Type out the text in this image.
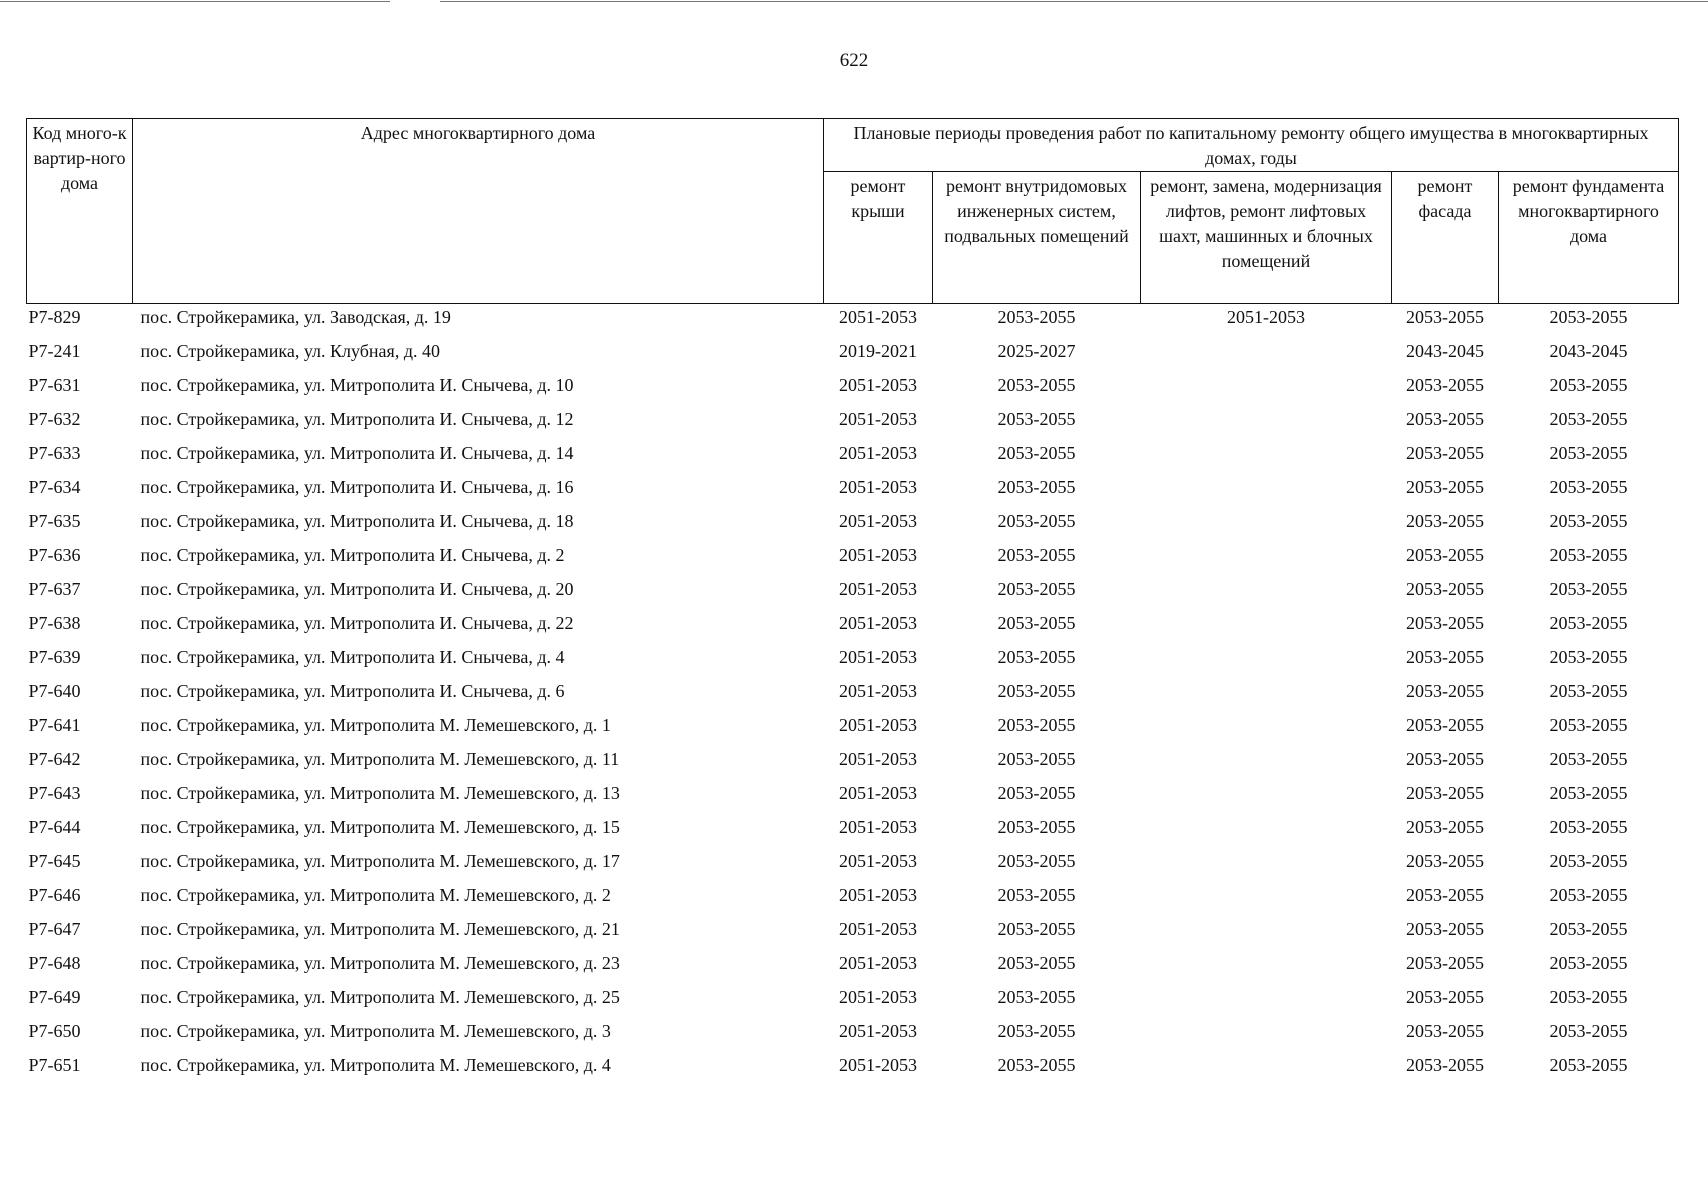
622
Код много-квартир-ного дома	Адрес многоквартирного дома	Плановые периоды проведения работ по капитальному ремонту общего имущества в многоквартирных домах, годы				
		ремонт крыши	ремонт внутридомовых инженерных систем, подвальных помещений	ремонт, замена, модернизация лифтов, ремонт лифтовых шахт, машинных и блочных помещений	ремонт фасада	ремонт фундамента многоквартирного дома
Р7-829	пос. Стройкерамика, ул. Заводская, д. 19	2051-2053	2053-2055	2051-2053	2053-2055	2053-2055
Р7-241	пос. Стройкерамика, ул. Клубная, д. 40	2019-2021	2025-2027		2043-2045	2043-2045
Р7-631	пос. Стройкерамика, ул. Митрополита И. Снычева, д. 10	2051-2053	2053-2055		2053-2055	2053-2055
Р7-632	пос. Стройкерамика, ул. Митрополита И. Снычева, д. 12	2051-2053	2053-2055		2053-2055	2053-2055
Р7-633	пос. Стройкерамика, ул. Митрополита И. Снычева, д. 14	2051-2053	2053-2055		2053-2055	2053-2055
Р7-634	пос. Стройкерамика, ул. Митрополита И. Снычева, д. 16	2051-2053	2053-2055		2053-2055	2053-2055
Р7-635	пос. Стройкерамика, ул. Митрополита И. Снычева, д. 18	2051-2053	2053-2055		2053-2055	2053-2055
Р7-636	пос. Стройкерамика, ул. Митрополита И. Снычева, д. 2	2051-2053	2053-2055		2053-2055	2053-2055
Р7-637	пос. Стройкерамика, ул. Митрополита И. Снычева, д. 20	2051-2053	2053-2055		2053-2055	2053-2055
Р7-638	пос. Стройкерамика, ул. Митрополита И. Снычева, д. 22	2051-2053	2053-2055		2053-2055	2053-2055
Р7-639	пос. Стройкерамика, ул. Митрополита И. Снычева, д. 4	2051-2053	2053-2055		2053-2055	2053-2055
Р7-640	пос. Стройкерамика, ул. Митрополита И. Снычева, д. 6	2051-2053	2053-2055		2053-2055	2053-2055
Р7-641	пос. Стройкерамика, ул. Митрополита М. Лемешевского, д. 1	2051-2053	2053-2055		2053-2055	2053-2055
Р7-642	пос. Стройкерамика, ул. Митрополита М. Лемешевского, д. 11	2051-2053	2053-2055		2053-2055	2053-2055
Р7-643	пос. Стройкерамика, ул. Митрополита М. Лемешевского, д. 13	2051-2053	2053-2055		2053-2055	2053-2055
Р7-644	пос. Стройкерамика, ул. Митрополита М. Лемешевского, д. 15	2051-2053	2053-2055		2053-2055	2053-2055
Р7-645	пос. Стройкерамика, ул. Митрополита М. Лемешевского, д. 17	2051-2053	2053-2055		2053-2055	2053-2055
Р7-646	пос. Стройкерамика, ул. Митрополита М. Лемешевского, д. 2	2051-2053	2053-2055		2053-2055	2053-2055
Р7-647	пос. Стройкерамика, ул. Митрополита М. Лемешевского, д. 21	2051-2053	2053-2055		2053-2055	2053-2055
Р7-648	пос. Стройкерамика, ул. Митрополита М. Лемешевского, д. 23	2051-2053	2053-2055		2053-2055	2053-2055
Р7-649	пос. Стройкерамика, ул. Митрополита М. Лемешевского, д. 25	2051-2053	2053-2055		2053-2055	2053-2055
Р7-650	пос. Стройкерамика, ул. Митрополита М. Лемешевского, д. 3	2051-2053	2053-2055		2053-2055	2053-2055
Р7-651	пос. Стройкерамика, ул. Митрополита М. Лемешевского, д. 4	2051-2053	2053-2055		2053-2055	2053-2055
